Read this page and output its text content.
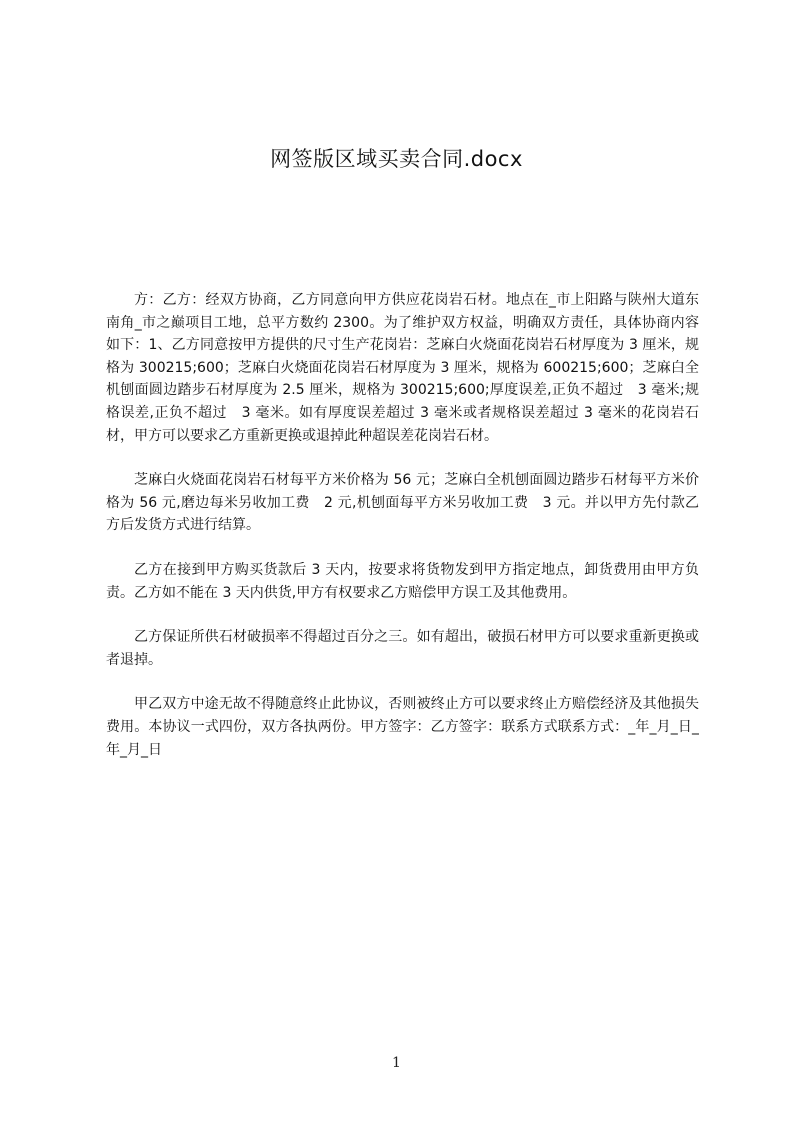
网签版区域买卖合同.docx

方：乙方：经双方协商，乙方同意向甲方供应花岗岩石材。地点在_市上阳路与陕州大道东南角_市之巅项目工地，总平方数约 2300。为了维护双方权益，明确双方责任，具体协商内容如下：1、乙方同意按甲方提供的尺寸生产花岗岩：芝麻白火烧面花岗岩石材厚度为 3 厘米，规格为 300215;600；芝麻白火烧面花岗岩石材厚度为 3 厘米，规格为 600215;600；芝麻白全机刨面圆边踏步石材厚度为 2.5 厘米，规格为 300215;600;厚度误差,正负不超过　3 毫米;规格误差,正负不超过　3 毫米。如有厚度误差超过 3 毫米或者规格误差超过 3 毫米的花岗岩石材，甲方可以要求乙方重新更换或退掉此种超误差花岗岩石材。

芝麻白火烧面花岗岩石材每平方米价格为 56 元；芝麻白全机刨面圆边踏步石材每平方米价格为 56 元,磨边每米另收加工费　2 元,机刨面每平方米另收加工费　3 元。并以甲方先付款乙方后发货方式进行结算。

乙方在接到甲方购买货款后 3 天内，按要求将货物发到甲方指定地点，卸货费用由甲方负责。乙方如不能在 3 天内供货,甲方有权要求乙方赔偿甲方误工及其他费用。

乙方保证所供石材破损率不得超过百分之三。如有超出，破损石材甲方可以要求重新更换或者退掉。

甲乙双方中途无故不得随意终止此协议，否则被终止方可以要求终止方赔偿经济及其他损失费用。本协议一式四份，双方各执两份。甲方签字：乙方签字：联系方式联系方式：_年_月_日_年_月_日

1
